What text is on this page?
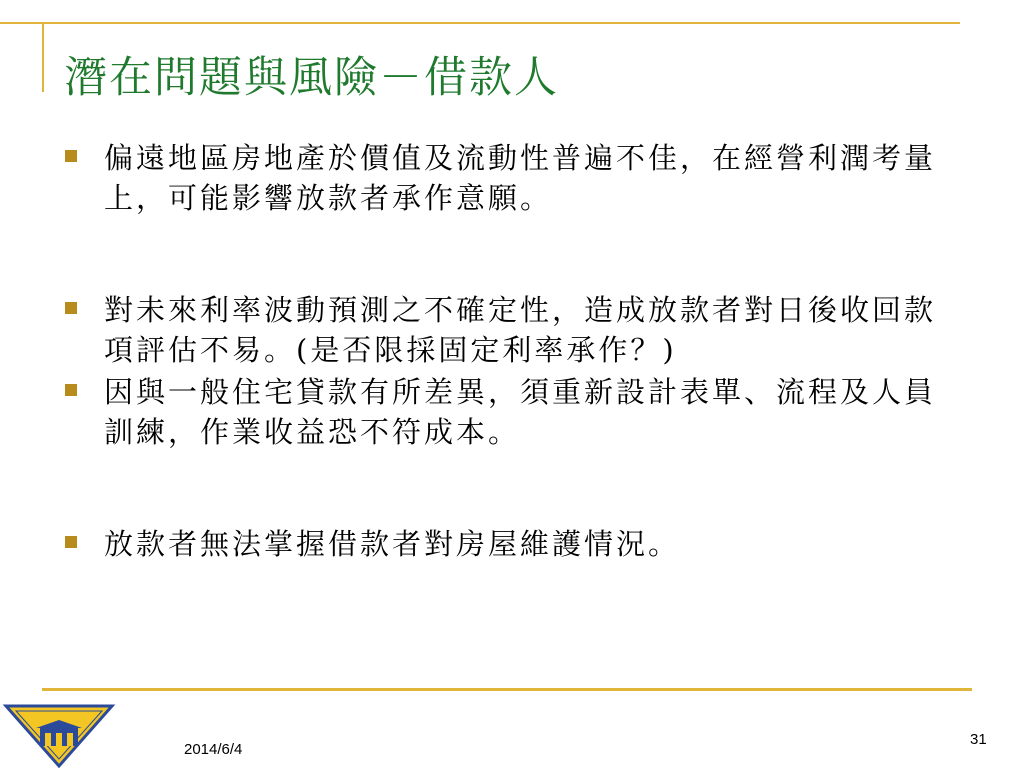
潛在問題與風險－借款人
偏遠地區房地產於價值及流動性普遍不佳，在經營利潤考量上，可能影響放款者承作意願。
對未來利率波動預測之不確定性，造成放款者對日後收回款項評估不易。(是否限採固定利率承作？)
因與一般住宅貸款有所差異，須重新設計表單、流程及人員訓練，作業收益恐不符成本。
放款者無法掌握借款者對房屋維護情況。
2014/6/4
31
